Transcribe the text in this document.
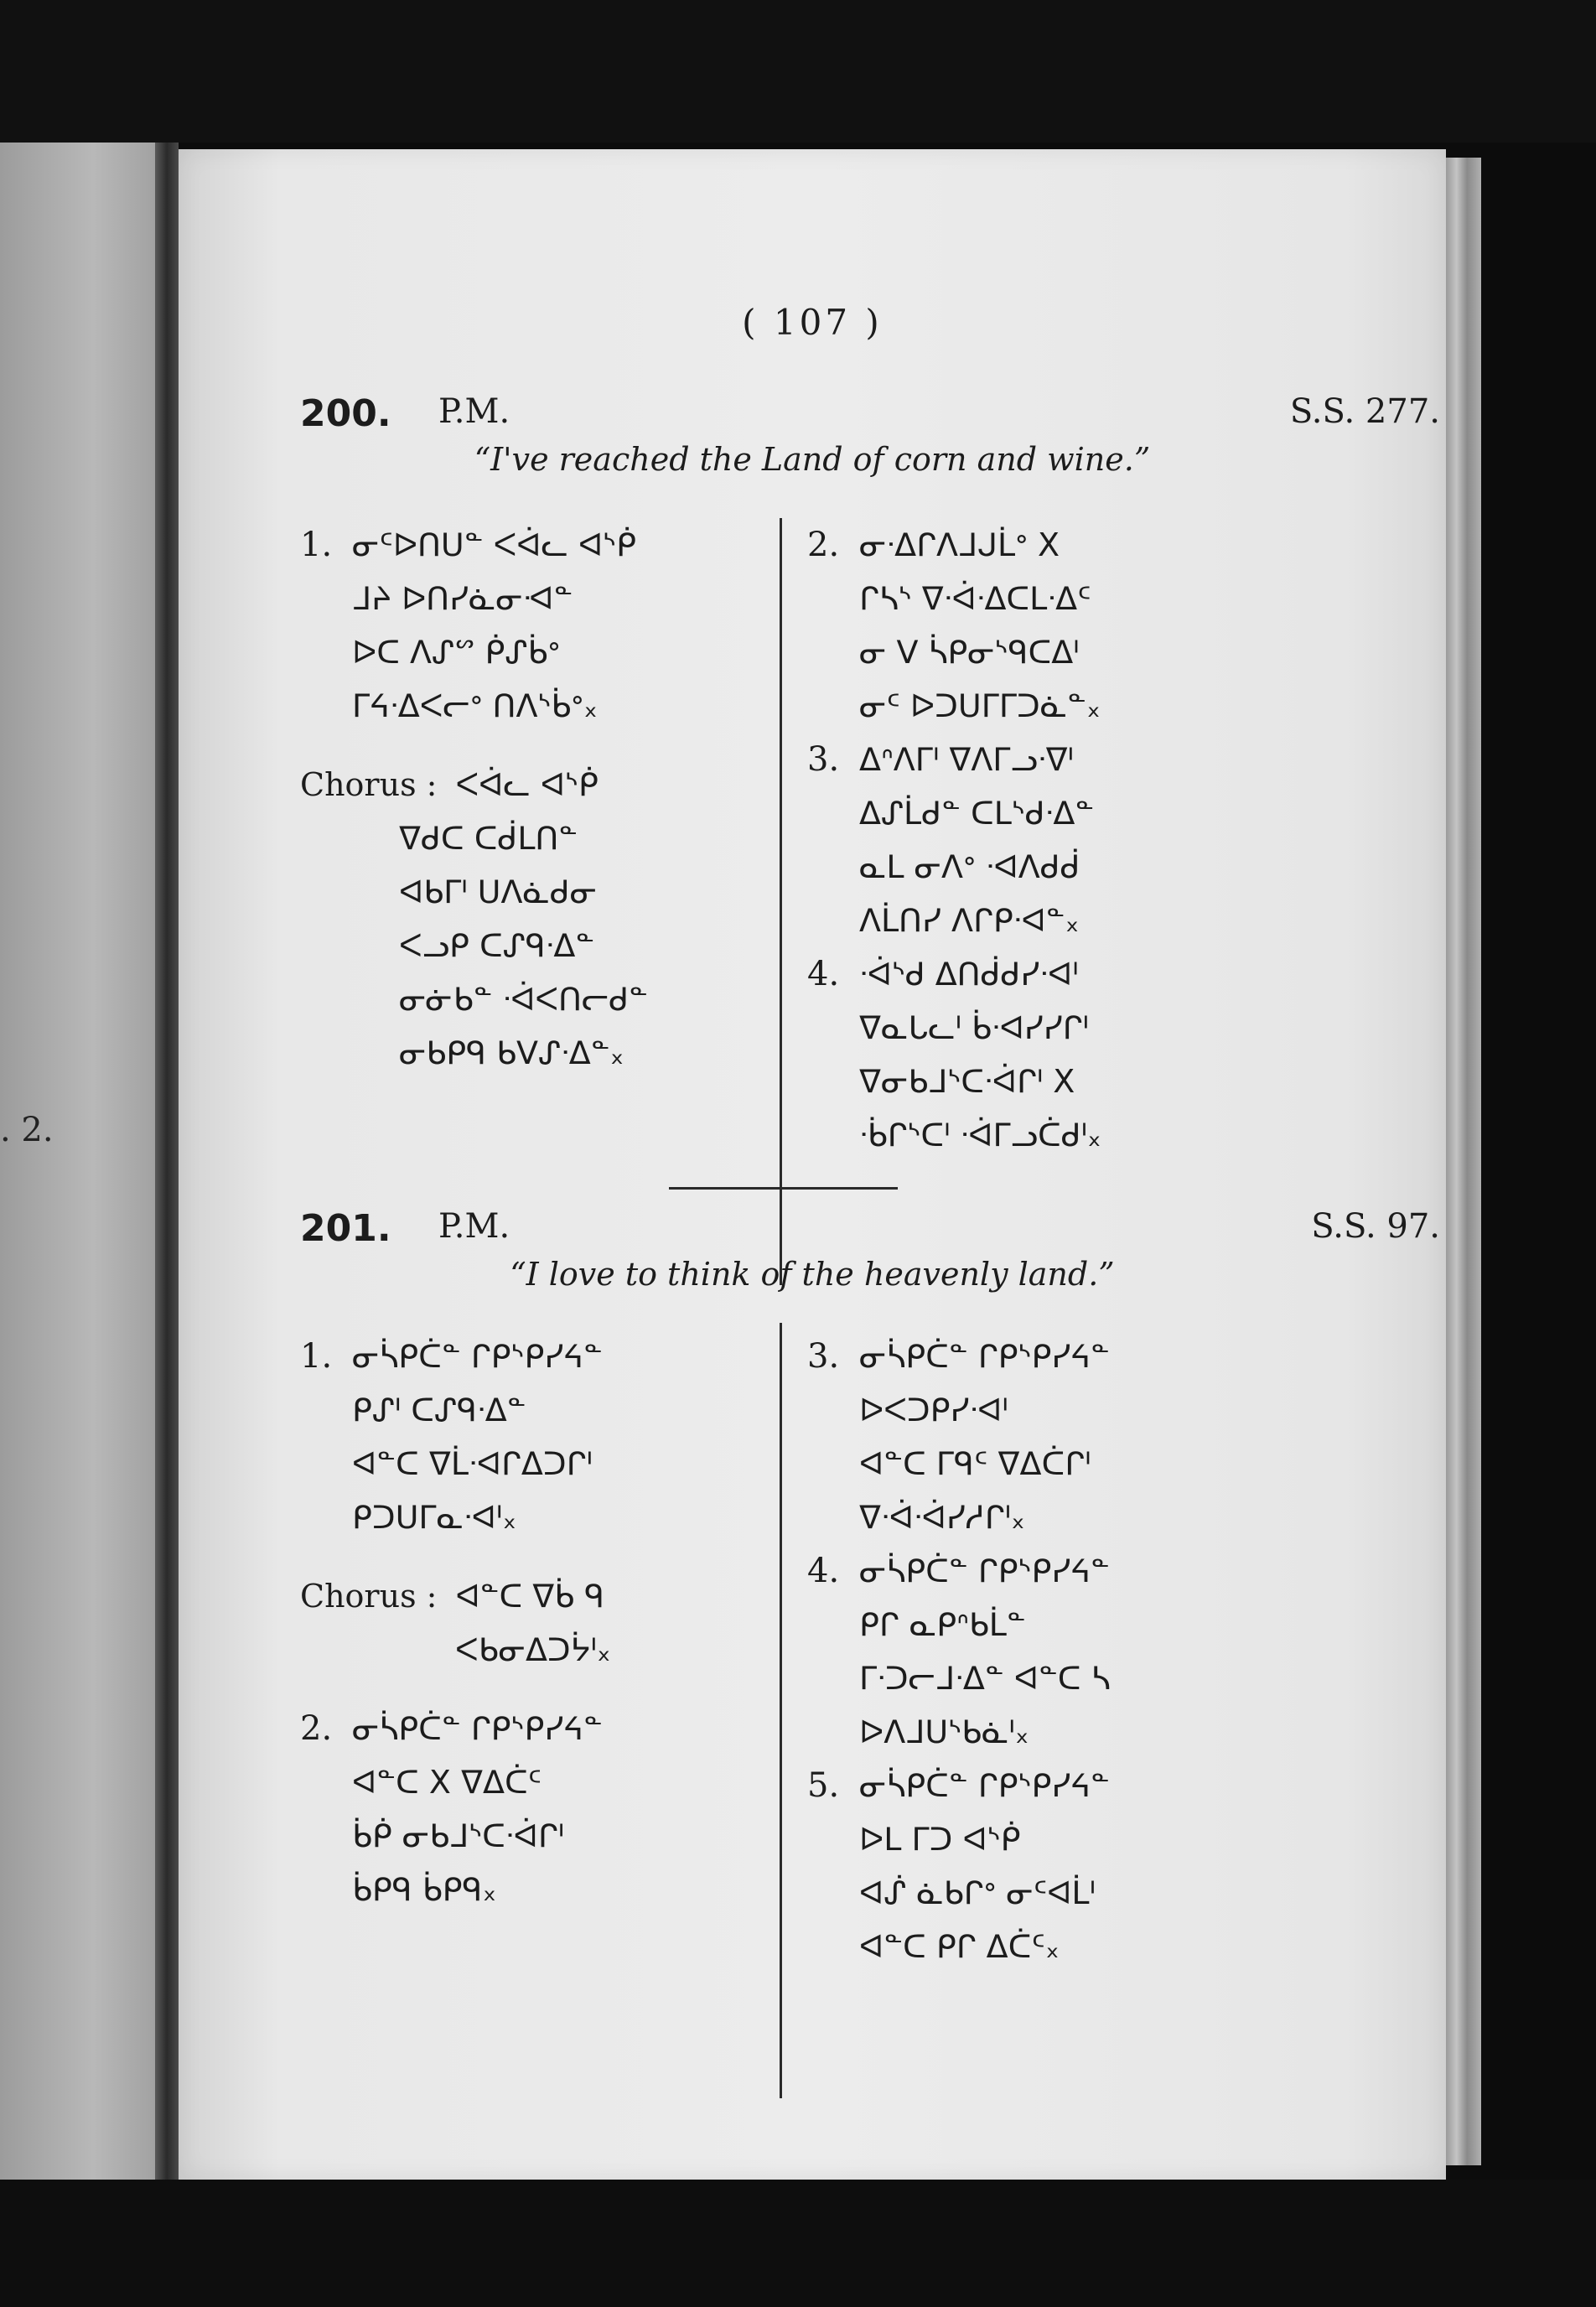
. 2.
( 107 )
200. P.M.	S.S. 277.
“I've reached the Land of corn and wine.”
1. ᓂᑦᐅᑎᑌᓐ ᐸᐋᓚ ᐊᔅᑮ
ᒧᔨ ᐅᑎᓯᓈᓂᐗᓐ
ᐅᑕ ᐱᔑᔥ ᑮᔑᑳᐤ
ᒥᔦᐧᐃᐸᓕᐤ ᑎᐱᔅᑳᐤₓ
Chorus : ᐸᐋᓚ ᐊᔅᑮ
ᐁᑯᑕ ᑕᑰᒪᑎᓐ
ᐊᑲᒥᑊ ᑌᐱᓈᑯᓂ
ᐸᓗᑭ ᑕᔑᑫᐧᐃᓐ
ᓂᓃᑲᓐ ᐧᐋᐸᑎᓕᑯᓐ
ᓂᑲᑭᑫ ᑲᐯᔑᐧᐃᓐₓ
2. ᓂᐧᐃᒋᐱᒧᒍᒫᐤ X
ᒋᓴᔅ ᐁᐧᐋᐧᐃᑕᒪᐧᐃᑦ
ᓂ ᐯ ᓵᑭᓂᔅᑫᑕᐃᑊ
ᓂᑦ ᐅᑐᑌᒥᒥᑐᓈᓐₓ
3. ᐃᐢᐱᒥᑊ ᐁᐱᒥᓗᐧᐁᑊ
ᐃᔑᒫᑯᓐ ᑕᒪᔅᑯᐧᐃᓐ
ᓇᒪ ᓂᐱᐤ ᐧᐊᐱᑯᑰ
ᐱᒫᑎᓯ ᐱᒋᑭᐧᐊᓐₓ
4. ᐧᐋᔅᑯ ᐃᑎᑰᑯᓯᐧᐊᑊ
ᐁᓇᒐᓚᑊ ᑳᐧᐊᓯᓯᒋᑊ
ᐁᓂᑲᒧᔅᑕᐧᐋᒋᑊ X
ᐧᑳᒋᔅᑕᑊ ᐧᐋᒥᓗᑖᑯᑊₓ
201. P.M.	S.S. 97.
“I love to think of the heavenly land.”
1. ᓂᓵᑭᑖᓐ ᒋᑭᔅᑭᓯᔦᓐ
ᑭᔑᑊ ᑕᔑᑫᐧᐃᓐ
ᐊᓐᑕ ᐁᒫᐧᐊᒋᐃᑐᒋᑊ
ᑭᑐᑌᒥᓇᐧᐊᑊₓ
Chorus : ᐊᓐᑕ ᐁᑳ ᑫ
ᐸᑲᓂᐃᑐᔮᑊₓ
2. ᓂᓵᑭᑖᓐ ᒋᑭᔅᑭᓯᔦᓐ
ᐊᓐᑕ X ᐁᐃᑖᑦ
ᑳᑮ ᓂᑲᒧᔅᑕᐧᐋᒋᑊ
ᑳᑭᑫ ᑳᑭᑫₓ
3. ᓂᓵᑭᑖᓐ ᒋᑭᔅᑭᓯᔦᓐ
ᐅᐸᑐᑭᓯᐧᐊᑊ
ᐊᓐᑕ ᒥᑫᑦ ᐁᐃᑖᒋᑊ
ᐁᐧᐋᐧᐋᓯᓱᒋᑊₓ
4. ᓂᓵᑭᑖᓐ ᒋᑭᔅᑭᓯᔦᓐ
ᑭᒋ ᓇᑭᐢᑲᒫᓐ
ᒥᐧᑐᓕᒧᐧᐃᓐ ᐊᓐᑕ ᓴ
ᐅᐱᒧᑌᔅᑲᓈᑊₓ
5. ᓂᓵᑭᑖᓐ ᒋᑭᔅᑭᓯᔦᓐ
ᐅᒪ ᒥᑐ ᐊᔅᑮ
ᐊᔒ ᓈᑲᒋᐤ ᓂᑦᐊᒫᑊ
ᐊᓐᑕ ᑭᒋ ᐃᑖᑦₓ
